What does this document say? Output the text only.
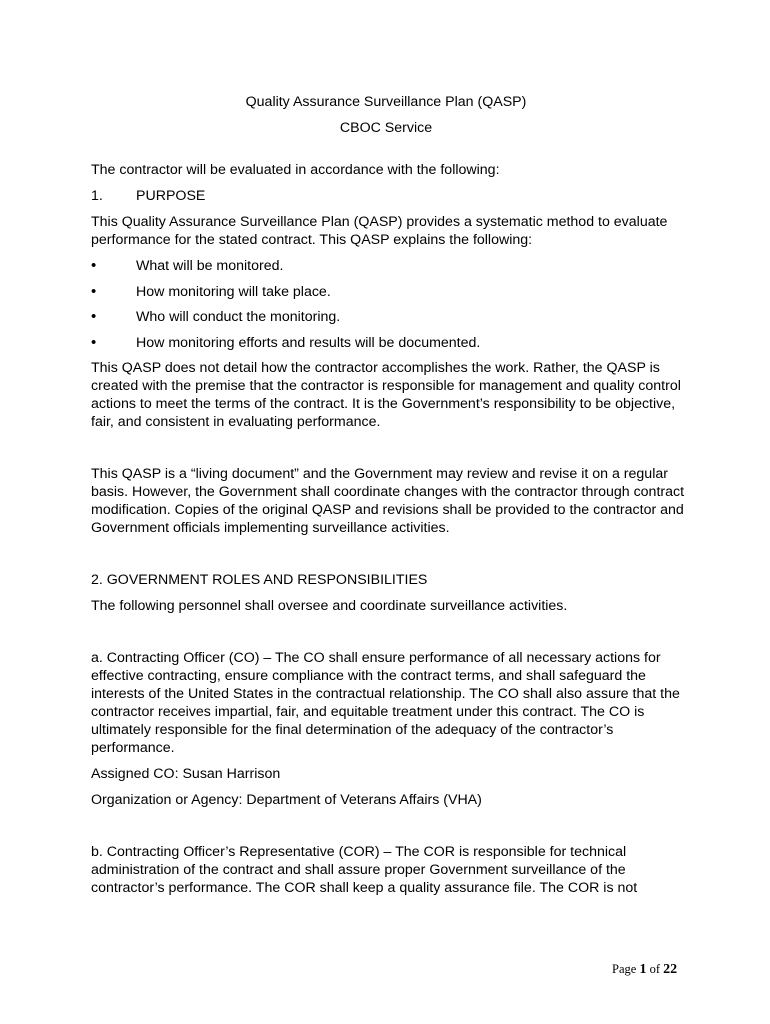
Quality Assurance Surveillance Plan (QASP)

CBOC Service

The contractor will be evaluated in accordance with the following:

1.	PURPOSE

This Quality Assurance Surveillance Plan (QASP) provides a systematic method to evaluate performance for the stated contract. This QASP explains the following:

•	What will be monitored.
•	How monitoring will take place.
•	Who will conduct the monitoring.
•	How monitoring efforts and results will be documented.

This QASP does not detail how the contractor accomplishes the work. Rather, the QASP is created with the premise that the contractor is responsible for management and quality control actions to meet the terms of the contract. It is the Government’s responsibility to be objective, fair, and consistent in evaluating performance.

This QASP is a “living document” and the Government may review and revise it on a regular basis. However, the Government shall coordinate changes with the contractor through contract modification. Copies of the original QASP and revisions shall be provided to the contractor and Government officials implementing surveillance activities.

2. GOVERNMENT ROLES AND RESPONSIBILITIES

The following personnel shall oversee and coordinate surveillance activities.

a. Contracting Officer (CO) – The CO shall ensure performance of all necessary actions for effective contracting, ensure compliance with the contract terms, and shall safeguard the interests of the United States in the contractual relationship. The CO shall also assure that the contractor receives impartial, fair, and equitable treatment under this contract. The CO is ultimately responsible for the final determination of the adequacy of the contractor’s performance.

Assigned CO: Susan Harrison

Organization or Agency: Department of Veterans Affairs (VHA)

b. Contracting Officer’s Representative (COR) – The COR is responsible for technical administration of the contract and shall assure proper Government surveillance of the contractor’s performance. The COR shall keep a quality assurance file. The COR is not

Page 1 of 22
